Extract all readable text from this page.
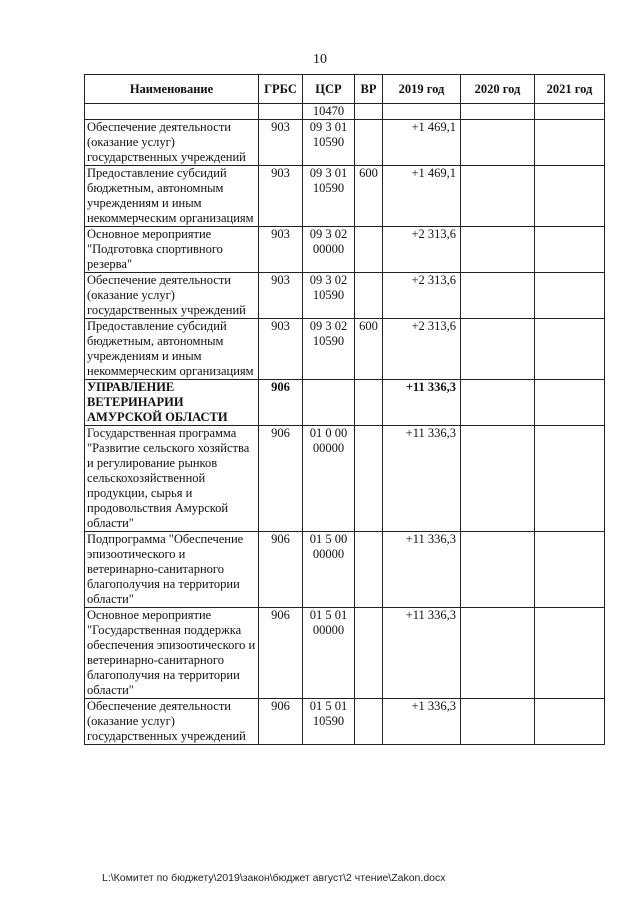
10
Наименование	ГРБС	ЦСР	ВР	2019 год	2020 год	2021 год
		10470				
Обеспечение деятельности (оказание услуг) государственных учреждений	903	09 3 01 10590		+1 469,1		
Предоставление субсидий бюджетным, автономным учреждениям и иным некоммерческим организациям	903	09 3 01 10590	600	+1 469,1		
Основное мероприятие "Подготовка спортивного резерва"	903	09 3 02 00000		+2 313,6		
Обеспечение деятельности (оказание услуг) государственных учреждений	903	09 3 02 10590		+2 313,6		
Предоставление субсидий бюджетным, автономным учреждениям и иным некоммерческим организациям	903	09 3 02 10590	600	+2 313,6		
УПРАВЛЕНИЕ ВЕТЕРИНАРИИ АМУРСКОЙ ОБЛАСТИ	906			+11 336,3		
Государственная программа "Развитие сельского хозяйства и регулирование рынков сельскохозяйственной продукции, сырья и продовольствия Амурской области"	906	01 0 00 00000		+11 336,3		
Подпрограмма "Обеспечение эпизоотического и ветеринарно-санитарного благополучия на территории области"	906	01 5 00 00000		+11 336,3		
Основное мероприятие "Государственная поддержка обеспечения эпизоотического и ветеринарно-санитарного благополучия на территории области"	906	01 5 01 00000		+11 336,3		
Обеспечение деятельности (оказание услуг) государственных учреждений	906	01 5 01 10590		+1 336,3		
L:\Комитет по бюджету\2019\закон\бюджет август\2 чтение\Zakon.docx
